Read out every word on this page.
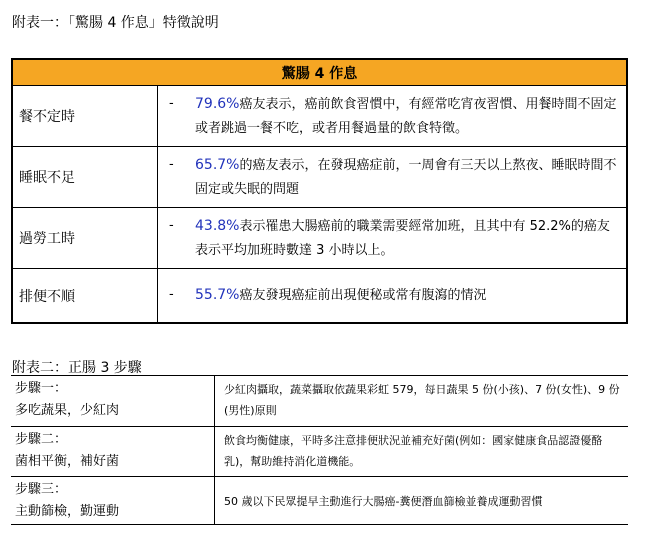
附表一：「驚腸 4 作息」特徵說明
驚腸 4 作息
餐不定時
- 79.6%癌友表示，癌前飲食習慣中，有經常吃宵夜習慣、用餐時間不固定或者跳過一餐不吃，或者用餐過量的飲食特徵。
睡眠不足
- 65.7%的癌友表示，在發現癌症前，一周會有三天以上熬夜、睡眠時間不固定或失眠的問題
過勞工時
- 43.8%表示罹患大腸癌前的職業需要經常加班，且其中有 52.2%的癌友表示平均加班時數達 3 小時以上。
排便不順	- 55.7%癌友發現癌症前出現便秘或常有腹瀉的情況
附表二：正腸 3 步驟
步驟一：
多吃蔬果，少紅肉
少紅肉攝取，蔬菜攝取依蔬果彩虹 579，每日蔬果 5 份(小孩)、7 份(女性)、9 份(男性)原則
步驟二：
菌相平衡，補好菌
飲食均衡健康，平時多注意排便狀況並補充好菌(例如：國家健康食品認證優酪乳)，幫助維持消化道機能。
步驟三：
主動篩檢，勤運動
50 歲以下民眾提早主動進行大腸癌-糞便潛血篩檢並養成運動習慣
